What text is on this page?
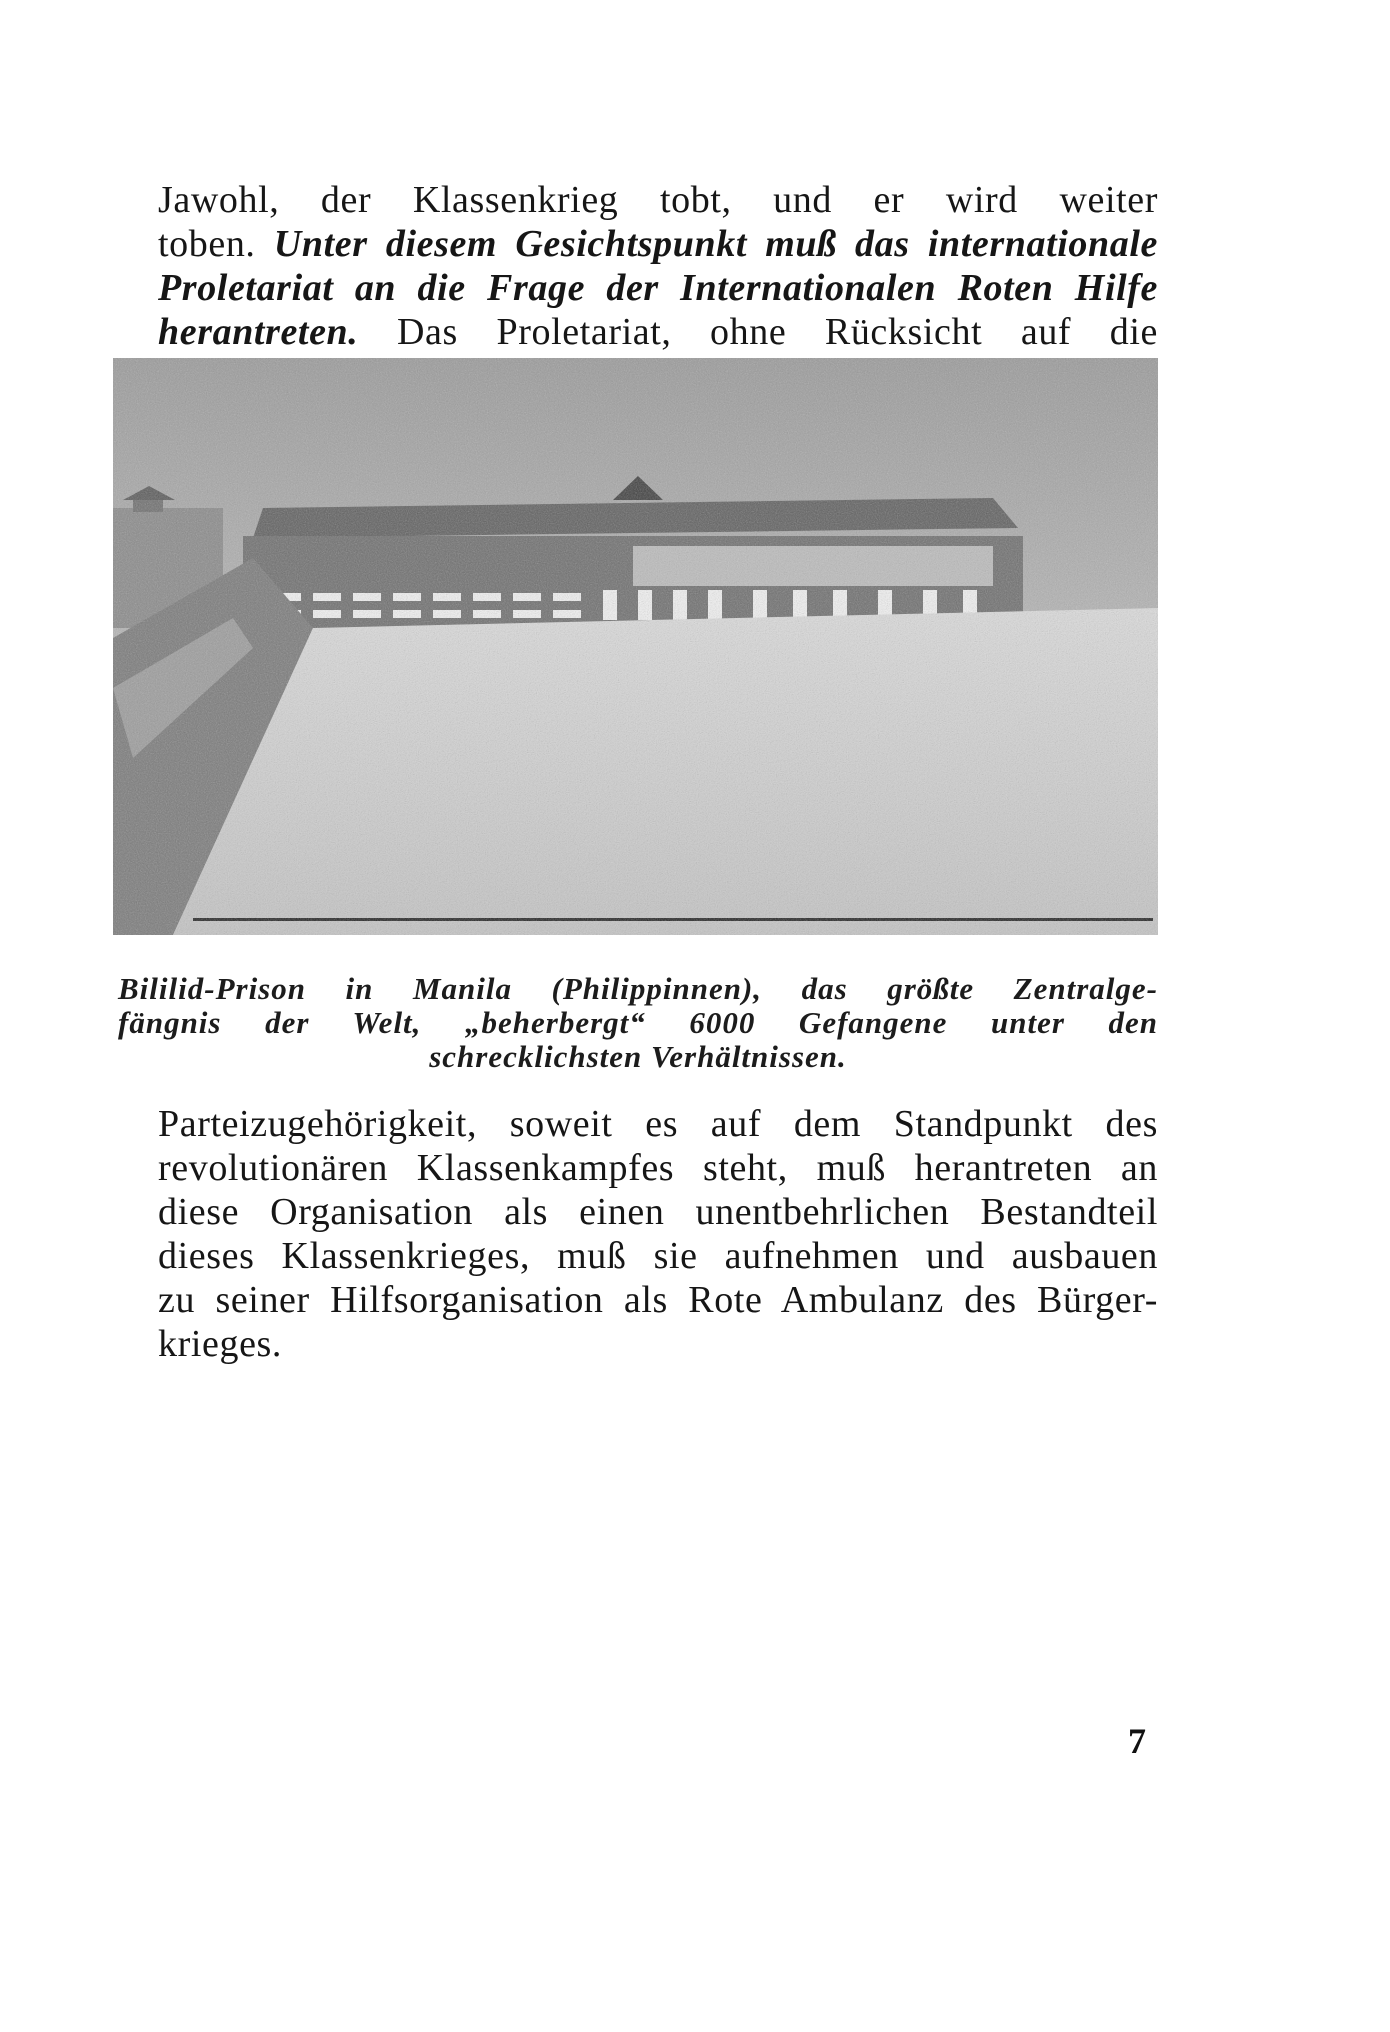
Jawohl, der Klassenkrieg tobt, und er wird weiter
toben. Unter diesem Gesichtspunkt muß das internationale
Proletariat an die Frage der Internationalen Roten Hilfe
herantreten. Das Proletariat, ohne Rücksicht auf die
Bililid-Prison in Manila (Philippinnen), das größte Zentralge-
fängnis der Welt, „beherbergt“ 6000 Gefangene unter den
schrecklichsten Verhältnissen.
Parteizugehörigkeit, soweit es auf dem Standpunkt des
revolutionären Klassenkampfes steht, muß herantreten an
diese Organisation als einen unentbehrlichen Bestandteil
dieses Klassenkrieges, muß sie aufnehmen und ausbauen
zu seiner Hilfsorganisation als Rote Ambulanz des Bürger-
krieges.
7
